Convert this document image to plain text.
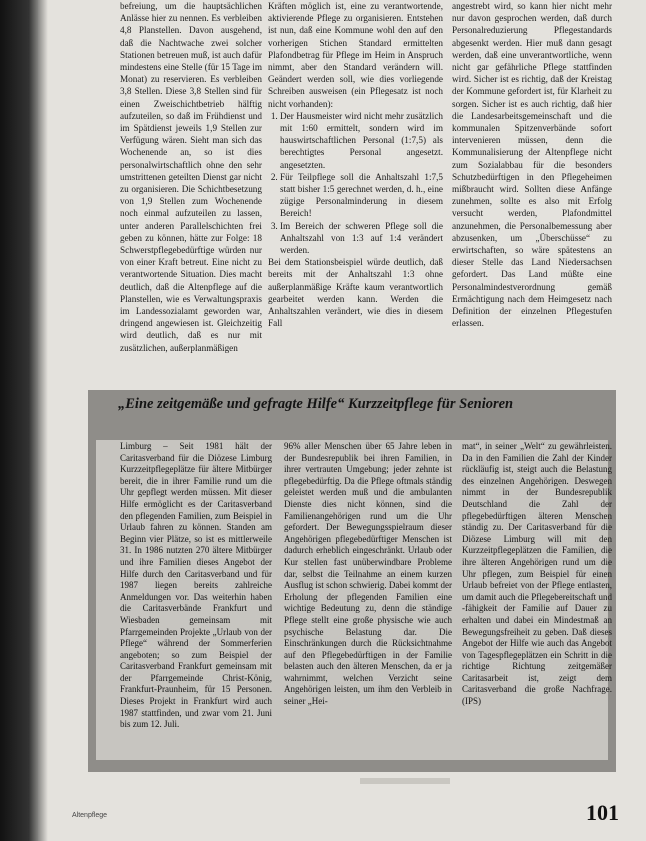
befreiung, um die hauptsächlichen Anlässe hier zu nennen. Es verbleiben 4,8 Planstellen. Davon ausgehend, daß die Nachtwache zwei solcher Stationen betreuen muß, ist auch dafür mindestens eine Stelle (für 15 Tage im Monat) zu reservieren. Es verbleiben 3,8 Stellen. Diese 3,8 Stellen sind für einen Zweischichtbetrieb hälftig aufzuteilen, so daß im Frühdienst und im Spätdienst jeweils 1,9 Stellen zur Verfügung wären. Sieht man sich das Wochenende an, so ist dies personalwirtschaftlich ohne den sehr umstrittenen geteilten Dienst gar nicht zu organisieren. Die Schichtbesetzung von 1,9 Stellen zum Wochenende noch einmal aufzuteilen zu lassen, unter anderen Parallelschichten frei geben zu können, hätte zur Folge: 18 Schwerstpflegebedürftige würden nur von einer Kraft betreut. Eine nicht zu verantwortende Situation. Dies macht deutlich, daß die Altenpflege auf die Planstellen, wie es Verwaltungspraxis im Landessozialamt geworden war, dringend angewiesen ist. Gleichzeitig wird deutlich, daß es nur mit zusätzlichen, außerplanmäßigen

Kräften möglich ist, eine zu verantwortende, aktivierende Pflege zu organisieren. Entstehen ist nun, daß eine Kommune wohl den auf den vorherigen Stichen Standard ermittelten Plafondbetrag für Pflege im Heim in Anspruch nimmt, aber den Standard verändern will. Geändert werden soll, wie dies vorliegende Schreiben ausweisen (ein Pflegesatz ist noch nicht vorhanden):

1. Der Hausmeister wird nicht mehr zusätzlich mit 1:60 ermittelt, sondern wird im hauswirtschaftlichen Personal (1:7,5) als berechtigtes Personal angesetzt. angesetzten.
2. Für Teilpflege soll die Anhaltszahl 1:7,5 statt bisher 1:5 gerechnet werden, d. h., eine zügige Personalminderung in diesem Bereich!
3. Im Bereich der schweren Pflege soll die Anhaltszahl von 1:3 auf 1:4 verändert werden.

Bei dem Stationsbeispiel würde deutlich, daß bereits mit der Anhaltszahl 1:3 ohne außerplanmäßige Kräfte kaum verantwortlich gearbeitet werden kann. Werden die Anhaltszahlen verändert, wie dies in diesem Fall

angestrebt wird, so kann hier nicht mehr nur davon gesprochen werden, daß durch Personalreduzierung Pflegestandards abgesenkt werden. Hier muß dann gesagt werden, daß eine unverantwortliche, wenn nicht gar gefährliche Pflege stattfinden wird. Sicher ist es richtig, daß der Kreistag der Kommune gefordert ist, für Klarheit zu sorgen. Sicher ist es auch richtig, daß hier die Landesarbeitsgemeinschaft und die kommunalen Spitzenverbände sofort intervenieren müssen, denn die Kommunalisierung der Altenpflege nicht zum Sozialabbau für die besonders Schutzbedürftigen in den Pflegeheimen mißbraucht wird. Sollten diese Anfänge zunehmen, sollte es also mit Erfolg versucht werden, Plafondmittel anzunehmen, die Personalbemessung aber abzusenken, um „Überschüsse“ zu erwirtschaften, so wäre spätestens an dieser Stelle das Land Niedersachsen gefordert. Das Land müßte eine Personalmindestverordnung gemäß Ermächtigung nach dem Heimgesetz nach Definition der einzelnen Pflegestufen erlassen.

„Eine zeitgemäße und gefragte Hilfe“ Kurzzeitpflege für Senioren

Limburg – Seit 1981 hält der Caritasverband für die Diözese Limburg Kurzzeitpflegeplätze für ältere Mitbürger bereit, die in ihrer Familie rund um die Uhr gepflegt werden müssen. Mit dieser Hilfe ermöglicht es der Caritasverband den pflegenden Familien, zum Beispiel in Urlaub fahren zu können. Standen am Beginn vier Plätze, so ist es mittlerweile 31. In 1986 nutzten 270 ältere Mitbürger und ihre Familien dieses Angebot der Hilfe durch den Caritasverband und für 1987 liegen bereits zahlreiche Anmeldungen vor. Das weiterhin haben die Caritasverbände Frankfurt und Wiesbaden gemeinsam mit Pfarrgemeinden Projekte „Urlaub von der Pflege“ während der Sommerferien angeboten; so zum Beispiel der Caritasverband Frankfurt gemeinsam mit der Pfarrgemeinde Christ-König, Frankfurt-Praunheim, für 15 Personen. Dieses Projekt in Frankfurt wird auch 1987 stattfinden, und zwar vom 21. Juni bis zum 12. Juli.

96% aller Menschen über 65 Jahre leben in der Bundesrepublik bei ihren Familien, in ihrer vertrauten Umgebung; jeder zehnte ist pflegebedürftig. Da die Pflege oftmals ständig geleistet werden muß und die ambulanten Dienste dies nicht können, sind die Familienangehörigen rund um die Uhr gefordert. Der Bewegungsspielraum dieser Angehörigen pflegebedürftiger Menschen ist dadurch erheblich eingeschränkt. Urlaub oder Kur stellen fast unüberwindbare Probleme dar, selbst die Teilnahme an einem kurzen Ausflug ist schon schwierig. Dabei kommt der Erholung der pflegenden Familien eine wichtige Bedeutung zu, denn die ständige Pflege stellt eine große physische wie auch psychische Belastung dar. Die Einschränkungen durch die Rücksichtnahme auf den Pflegebedürftigen in der Familie belasten auch den älteren Menschen, da er ja wahrnimmt, welchen Verzicht seine Angehörigen leisten, um ihm den Verbleib in seiner „Hei-

mat“, in seiner „Welt“ zu gewährleisten. Da in den Familien die Zahl der Kinder rückläufig ist, steigt auch die Belastung des einzelnen Angehörigen. Deswegen nimmt in der Bundesrepublik Deutschland die Zahl der pflegebedürftigen älteren Menschen ständig zu. Der Caritasverband für die Diözese Limburg will mit den Kurzzeitpflegeplätzen die Familien, die ihre älteren Angehörigen rund um die Uhr pflegen, zum Beispiel für einen Urlaub befreiet von der Pflege entlasten, um damit auch die Pflegebereitschaft und -fähigkeit der Familie auf Dauer zu erhalten und dabei ein Mindestmaß an Bewegungsfreiheit zu geben. Daß dieses Angebot der Hilfe wie auch das Angebot von Tagespflegeplätzen ein Schritt in die richtige Richtung zeitgemäßer Caritasarbeit ist, zeigt dem Caritasverband die große Nachfrage. (IPS)

Altenpflege	101
